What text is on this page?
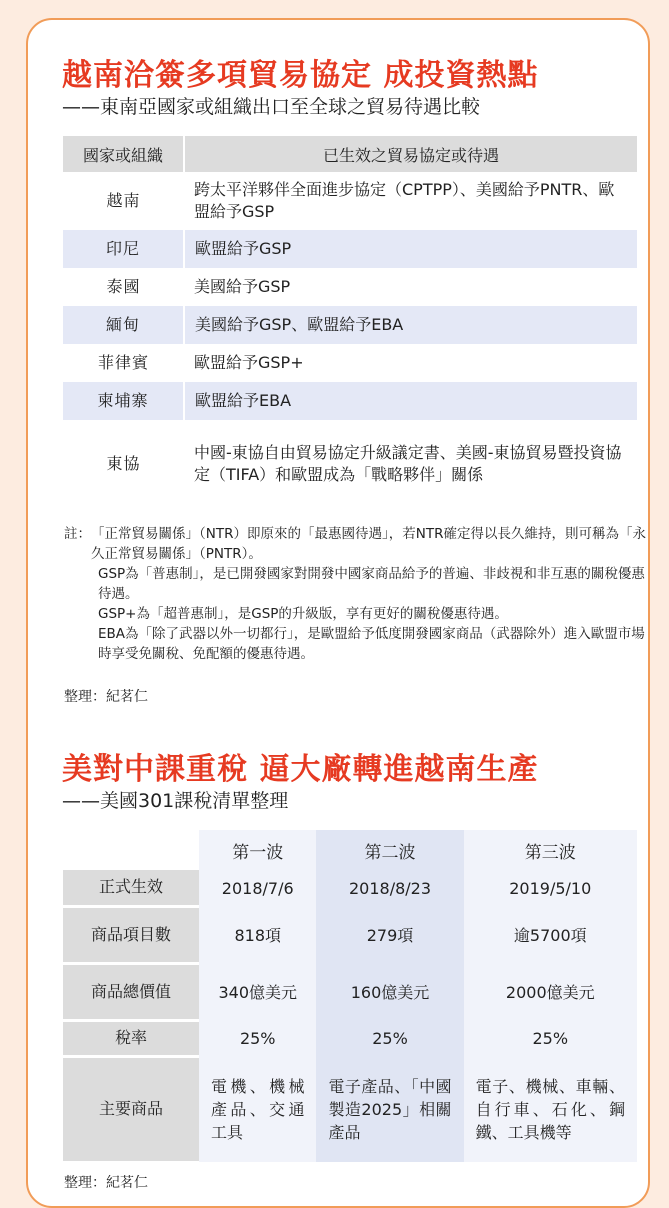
越南洽簽多項貿易協定 成投資熱點

——東南亞國家或組織出口至全球之貿易待遇比較

國家或組織	已生效之貿易協定或待遇
越南	跨太平洋夥伴全面進步協定（CPTPP）、美國給予PNTR、歐盟給予GSP
印尼	歐盟給予GSP
泰國	美國給予GSP
緬甸	美國給予GSP、歐盟給予EBA
菲律賓	歐盟給予GSP+
柬埔寨	歐盟給予EBA
東協	中國-東協自由貿易協定升級議定書、美國-東協貿易暨投資協定（TIFA）和歐盟成為「戰略夥伴」關係
註： 「正常貿易關係」（NTR）即原來的「最惠國待遇」，若NTR確定得以長久維持，則可稱為「永久正常貿易關係」（PNTR）。
GSP為「普惠制」，是已開發國家對開發中國家商品給予的普遍、非歧視和非互惠的關稅優惠待遇。
GSP+為「超普惠制」，是GSP的升級版，享有更好的關稅優惠待遇。
EBA為「除了武器以外一切都行」，是歐盟給予低度開發國家商品（武器除外）進入歐盟市場時享受免關稅、免配額的優惠待遇。
整理：紀茗仁
美對中課重稅 逼大廠轉進越南生產

——美國301課稅清單整理

	第一波	第二波	第三波
正式生效	2018/7/6	2018/8/23	2019/5/10
商品項目數	818項	279項	逾5700項
商品總價值	340億美元	160億美元	2000億美元
稅率	25%	25%	25%
主要商品	電機、機械產品、交通工具	電子產品、「中國製造2025」相關產品	電子、機械、車輛、自行車、石化、鋼鐵、工具機等
整理：紀茗仁
